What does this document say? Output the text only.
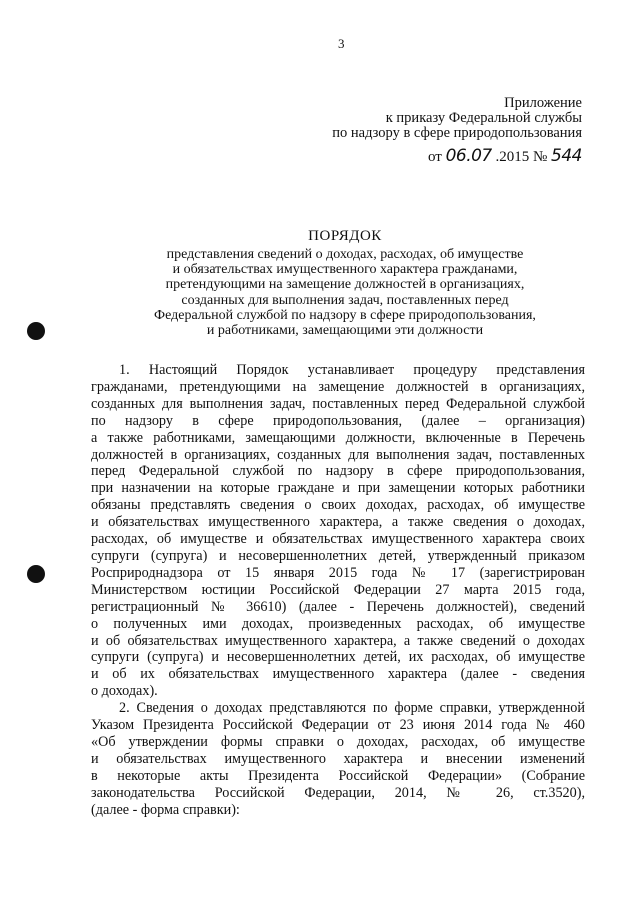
3
Приложение
к приказу Федеральной службы
по надзору в сфере природопользования
от 06.07 .2015 № 544
ПОРЯДОК
представления сведений о доходах, расходах, об имуществе
и обязательствах имущественного характера гражданами,
претендующими на замещение должностей в организациях,
созданных для выполнения задач, поставленных перед
Федеральной службой по надзору в сфере природопользования,
и работниками, замещающими эти должности
1. Настоящий Порядок устанавливает процедуру представления
гражданами, претендующими на замещение должностей в организациях,
созданных для выполнения задач, поставленных перед Федеральной службой
по надзору в сфере природопользования, (далее – организация)
а также работниками, замещающими должности, включенные в Перечень
должностей в организациях, созданных для выполнения задач, поставленных
перед Федеральной службой по надзору в сфере природопользования,
при назначении на которые граждане и при замещении которых работники
обязаны представлять сведения о своих доходах, расходах, об имуществе
и обязательствах имущественного характера, а также сведения о доходах,
расходах, об имуществе и обязательствах имущественного характера своих
супруги (супруга) и несовершеннолетних детей, утвержденный приказом
Росприроднадзора от 15 января 2015 года № 17 (зарегистрирован
Министерством юстиции Российской Федерации 27 марта 2015 года,
регистрационный № 36610) (далее - Перечень должностей), сведений
о полученных ими доходах, произведенных расходах, об имуществе
и об обязательствах имущественного характера, а также сведений о доходах
супруги (супруга) и несовершеннолетних детей, их расходах, об имуществе
и об их обязательствах имущественного характера (далее - сведения
о доходах).
2. Сведения о доходах представляются по форме справки, утвержденной
Указом Президента Российской Федерации от 23 июня 2014 года № 460
«Об утверждении формы справки о доходах, расходах, об имуществе
и обязательствах имущественного характера и внесении изменений
в некоторые акты Президента Российской Федерации» (Собрание
законодательства Российской Федерации, 2014, № 26, ст.3520),
(далее - форма справки):
